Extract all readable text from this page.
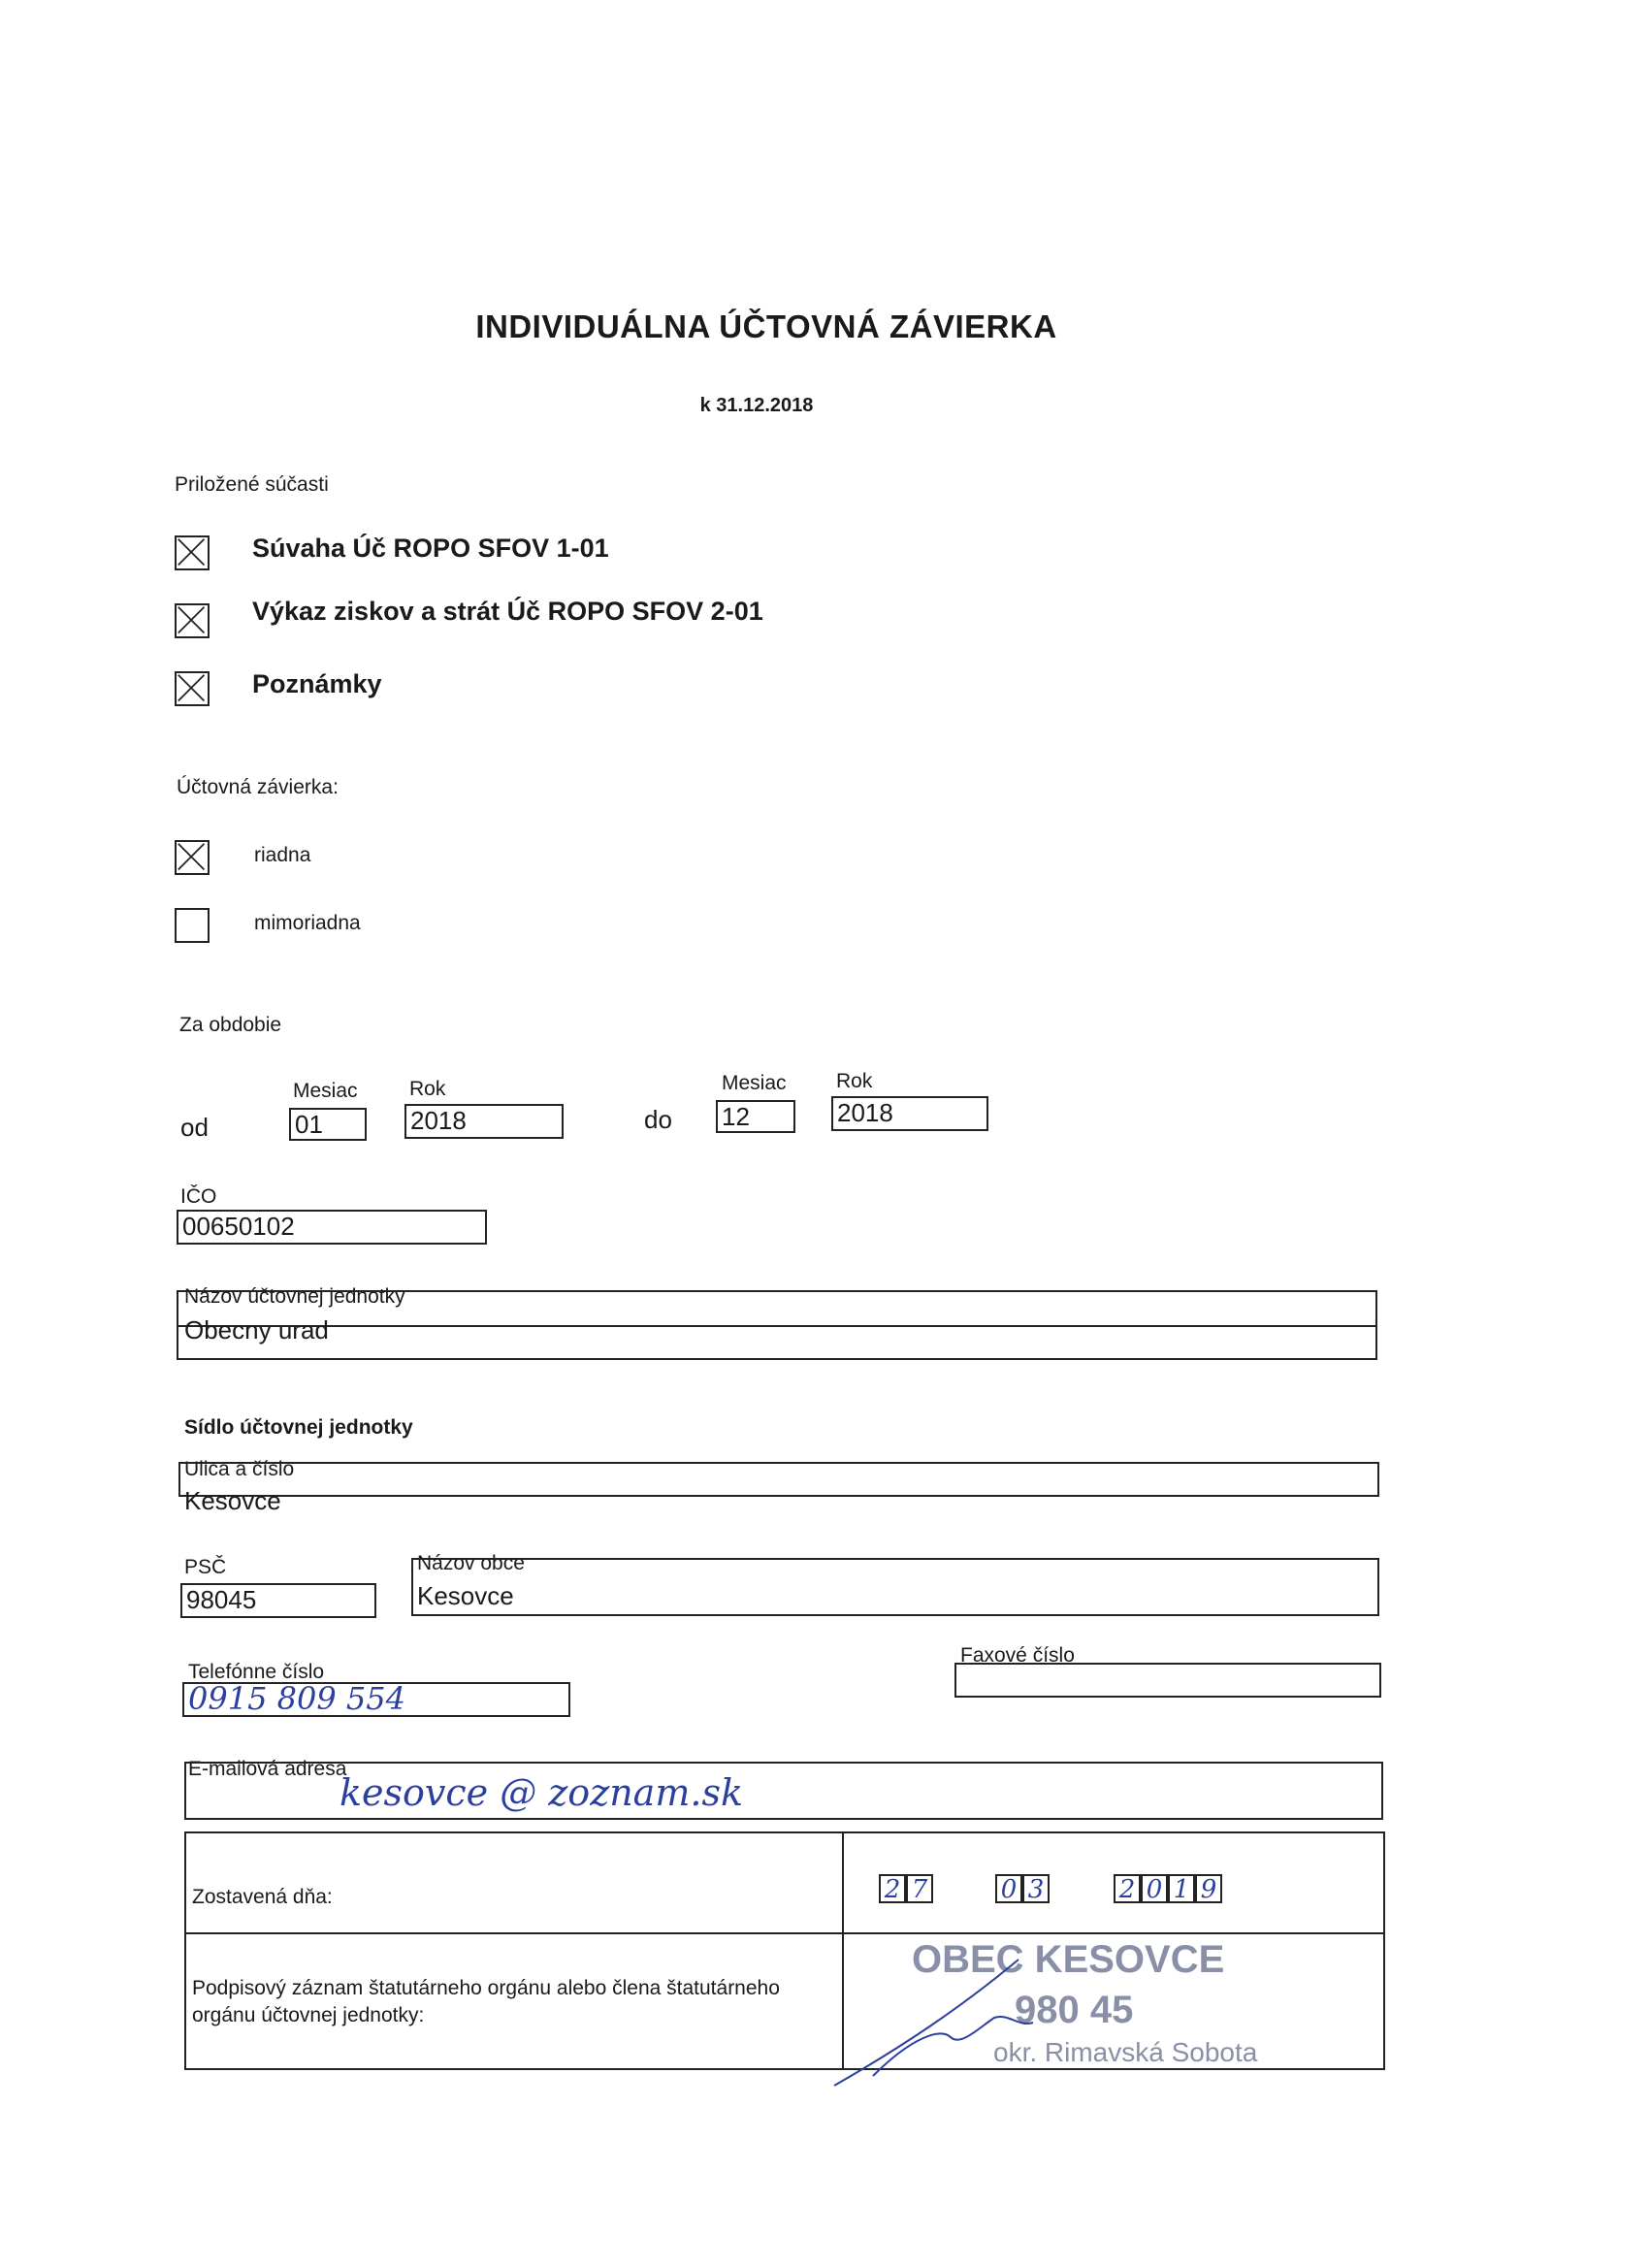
INDIVIDUÁLNA ÚČTOVNÁ ZÁVIERKA
k 31.12.2018
Priložené súčasti
Súvaha Úč ROPO SFOV 1-01
Výkaz ziskov a strát Úč ROPO SFOV 2-01
Poznámky
Účtovná závierka:
riadna
mimoriadna
Za obdobie
Mesiac	Rok
od	01	2018
Mesiac Rok
do 12	2018
IČO
00650102
Názov účtovnej jednotky
Obecny urad
Sídlo účtovnej jednotky
Ulica a číslo
Kesovce
PSČ
98045
Názov obce
Kesovce
Telefónne číslo
0915 809 554
Faxové číslo
E-mailová adresa
kesovce @ zoznam.sk
Zostavená dňa:	2 7	0 3	2 0 1 9
Podpisový záznam štatutárneho orgánu alebo člena štatutárneho orgánu účtovnej jednotky:
OBEC KESOVCE
980 45
okr. Rimavská Sobota
